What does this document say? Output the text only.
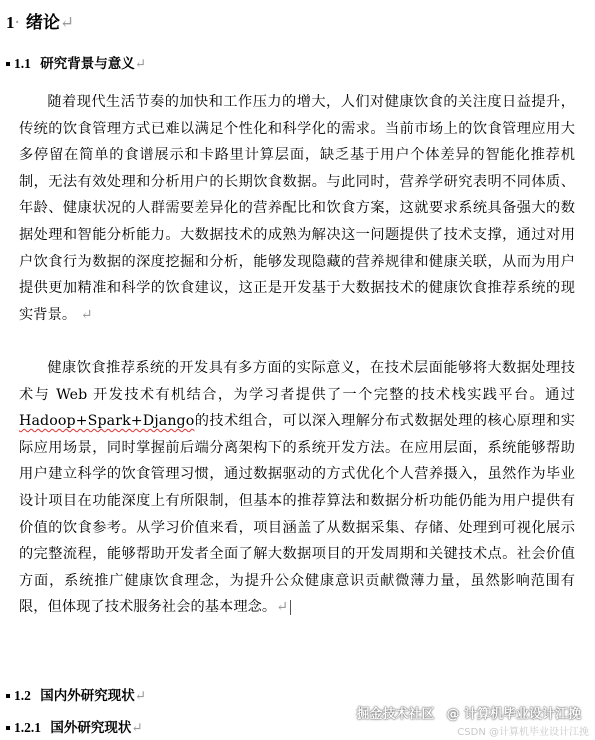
1· 绪论↵
1.1 研究背景与意义↵

随着现代生活节奏的加快和工作压力的增大，人们对健康饮食的关注度日益提升，传统的饮食管理方式已难以满足个性化和科学化的需求。当前市场上的饮食管理应用大多停留在简单的食谱展示和卡路里计算层面，缺乏基于用户个体差异的智能化推荐机制，无法有效处理和分析用户的长期饮食数据。与此同时，营养学研究表明不同体质、年龄、健康状况的人群需要差异化的营养配比和饮食方案，这就要求系统具备强大的数据处理和智能分析能力。大数据技术的成熟为解决这一问题提供了技术支撑，通过对用户饮食行为数据的深度挖掘和分析，能够发现隐藏的营养规律和健康关联，从而为用户提供更加精准和科学的饮食建议，这正是开发基于大数据技术的健康饮食推荐系统的现实背景。 ↵

健康饮食推荐系统的开发具有多方面的实际意义，在技术层面能够将大数据处理技术与 Web 开发技术有机结合，为学习者提供了一个完整的技术栈实践平台。通过Hadoop+Spark+Django的技术组合，可以深入理解分布式数据处理的核心原理和实际应用场景，同时掌握前后端分离架构下的系统开发方法。在应用层面，系统能够帮助用户建立科学的饮食管理习惯，通过数据驱动的方式优化个人营养摄入，虽然作为毕业设计项目在功能深度上有所限制，但基本的推荐算法和数据分析功能仍能为用户提供有价值的饮食参考。从学习价值来看，项目涵盖了从数据采集、存储、处理到可视化展示的完整流程，能够帮助开发者全面了解大数据项目的开发周期和关键技术点。社会价值方面，系统推广健康饮食理念，为提升公众健康意识贡献微薄力量，虽然影响范围有限，但体现了技术服务社会的基本理念。↵

1.2 国内外研究现状↵
1.2.1 国外研究现状↵
掘金技术社区 @ 计算机毕业设计江挽
CSDN @计算机毕业设计江挽
